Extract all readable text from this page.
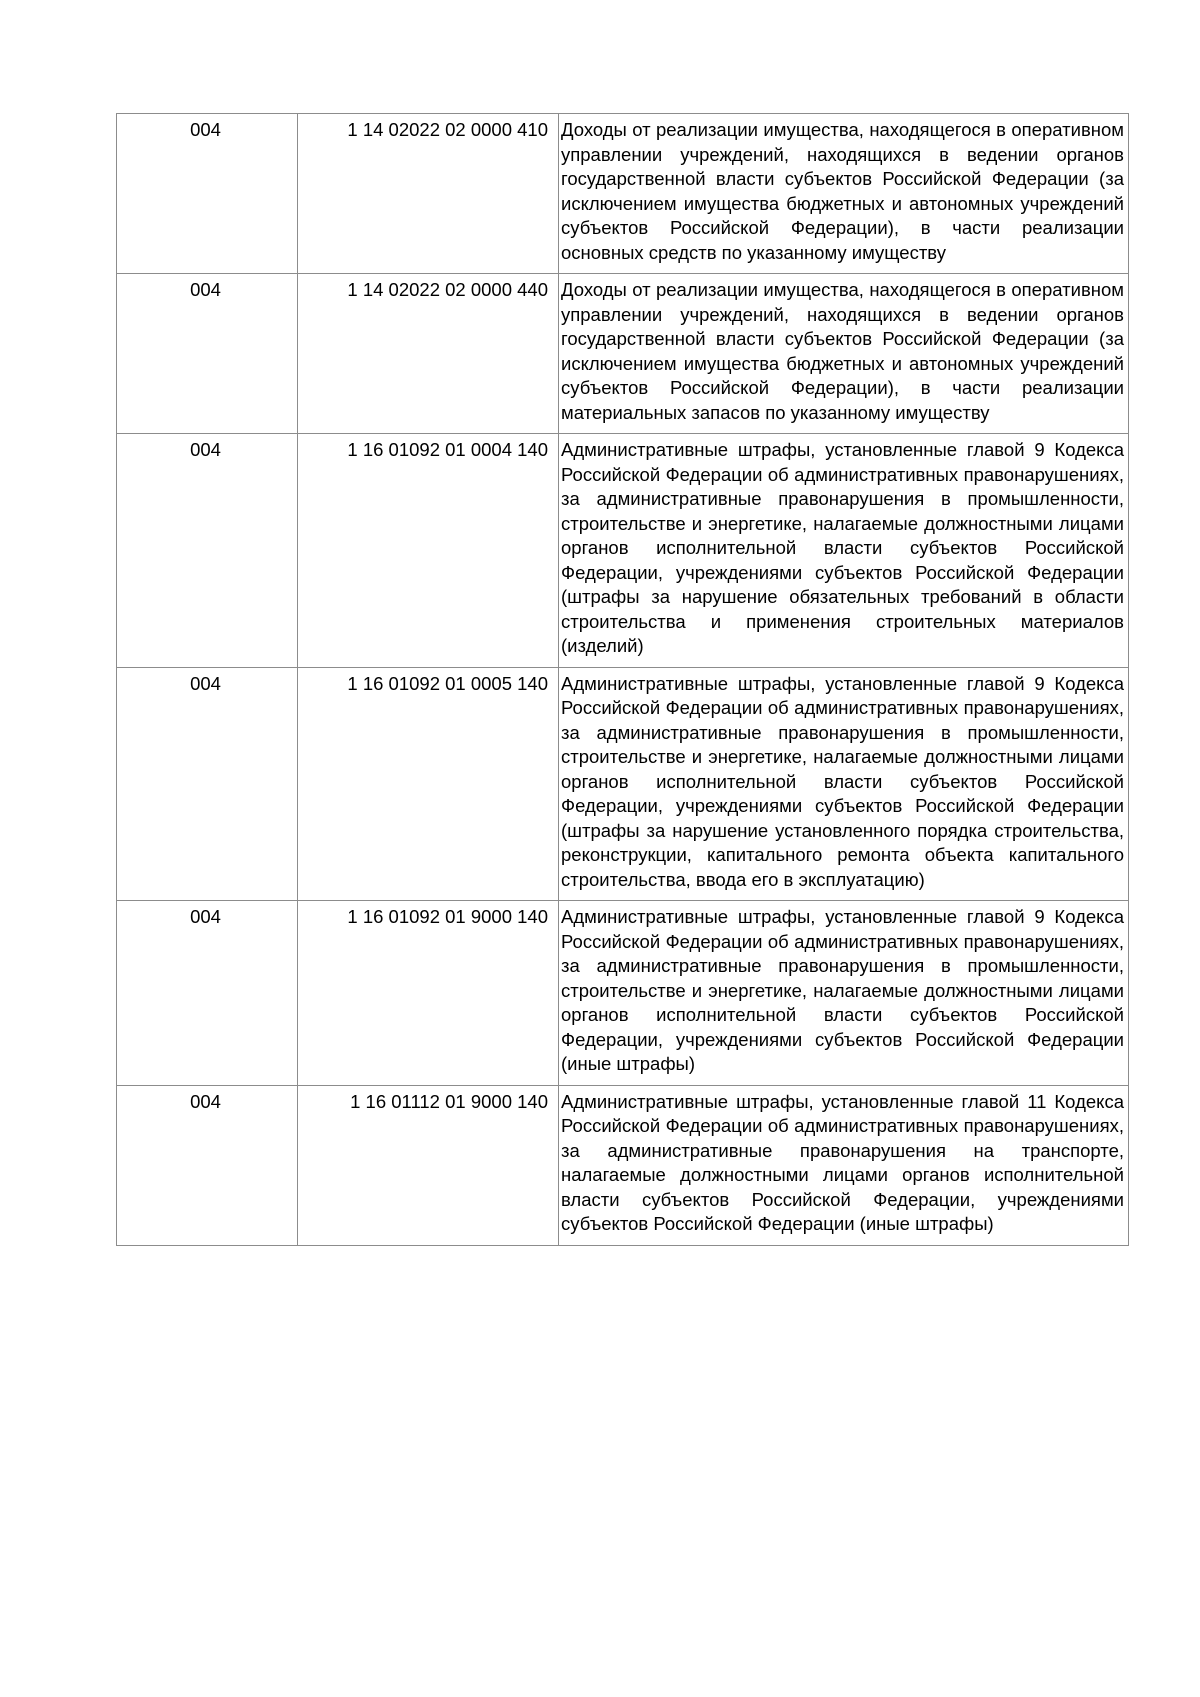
004	1 14 02022 02 0000 410	Доходы от реализации имущества, находящегося в оперативном управлении учреждений, находящихся в ведении органов государственной власти субъектов Российской Федерации (за исключением имущества бюджетных и автономных учреждений субъектов Российской Федерации), в части реализации основных средств по указанному имуществу
004	1 14 02022 02 0000 440	Доходы от реализации имущества, находящегося в оперативном управлении учреждений, находящихся в ведении органов государственной власти субъектов Российской Федерации (за исключением имущества бюджетных и автономных учреждений субъектов Российской Федерации), в части реализации материальных запасов по указанному имуществу
004	1 16 01092 01 0004 140	Административные штрафы, установленные главой 9 Кодекса Российской Федерации об административных правонарушениях, за административные правонарушения в промышленности, строительстве и энергетике, налагаемые должностными лицами органов исполнительной власти субъектов Российской Федерации, учреждениями субъектов Российской Федерации (штрафы за нарушение обязательных требований в области строительства и применения строительных материалов (изделий)
004	1 16 01092 01 0005 140	Административные штрафы, установленные главой 9 Кодекса Российской Федерации об административных правонарушениях, за административные правонарушения в промышленности, строительстве и энергетике, налагаемые должностными лицами органов исполнительной власти субъектов Российской Федерации, учреждениями субъектов Российской Федерации (штрафы за нарушение установленного порядка строительства, реконструкции, капитального ремонта объекта капитального строительства, ввода его в эксплуатацию)
004	1 16 01092 01 9000 140	Административные штрафы, установленные главой 9 Кодекса Российской Федерации об административных правонарушениях, за административные правонарушения в промышленности, строительстве и энергетике, налагаемые должностными лицами органов исполнительной власти субъектов Российской Федерации, учреждениями субъектов Российской Федерации (иные штрафы)
004	1 16 01112 01 9000 140	Административные штрафы, установленные главой 11 Кодекса Российской Федерации об административных правонарушениях, за административные правонарушения на транспорте, налагаемые должностными лицами органов исполнительной власти субъектов Российской Федерации, учреждениями субъектов Российской Федерации (иные штрафы)
